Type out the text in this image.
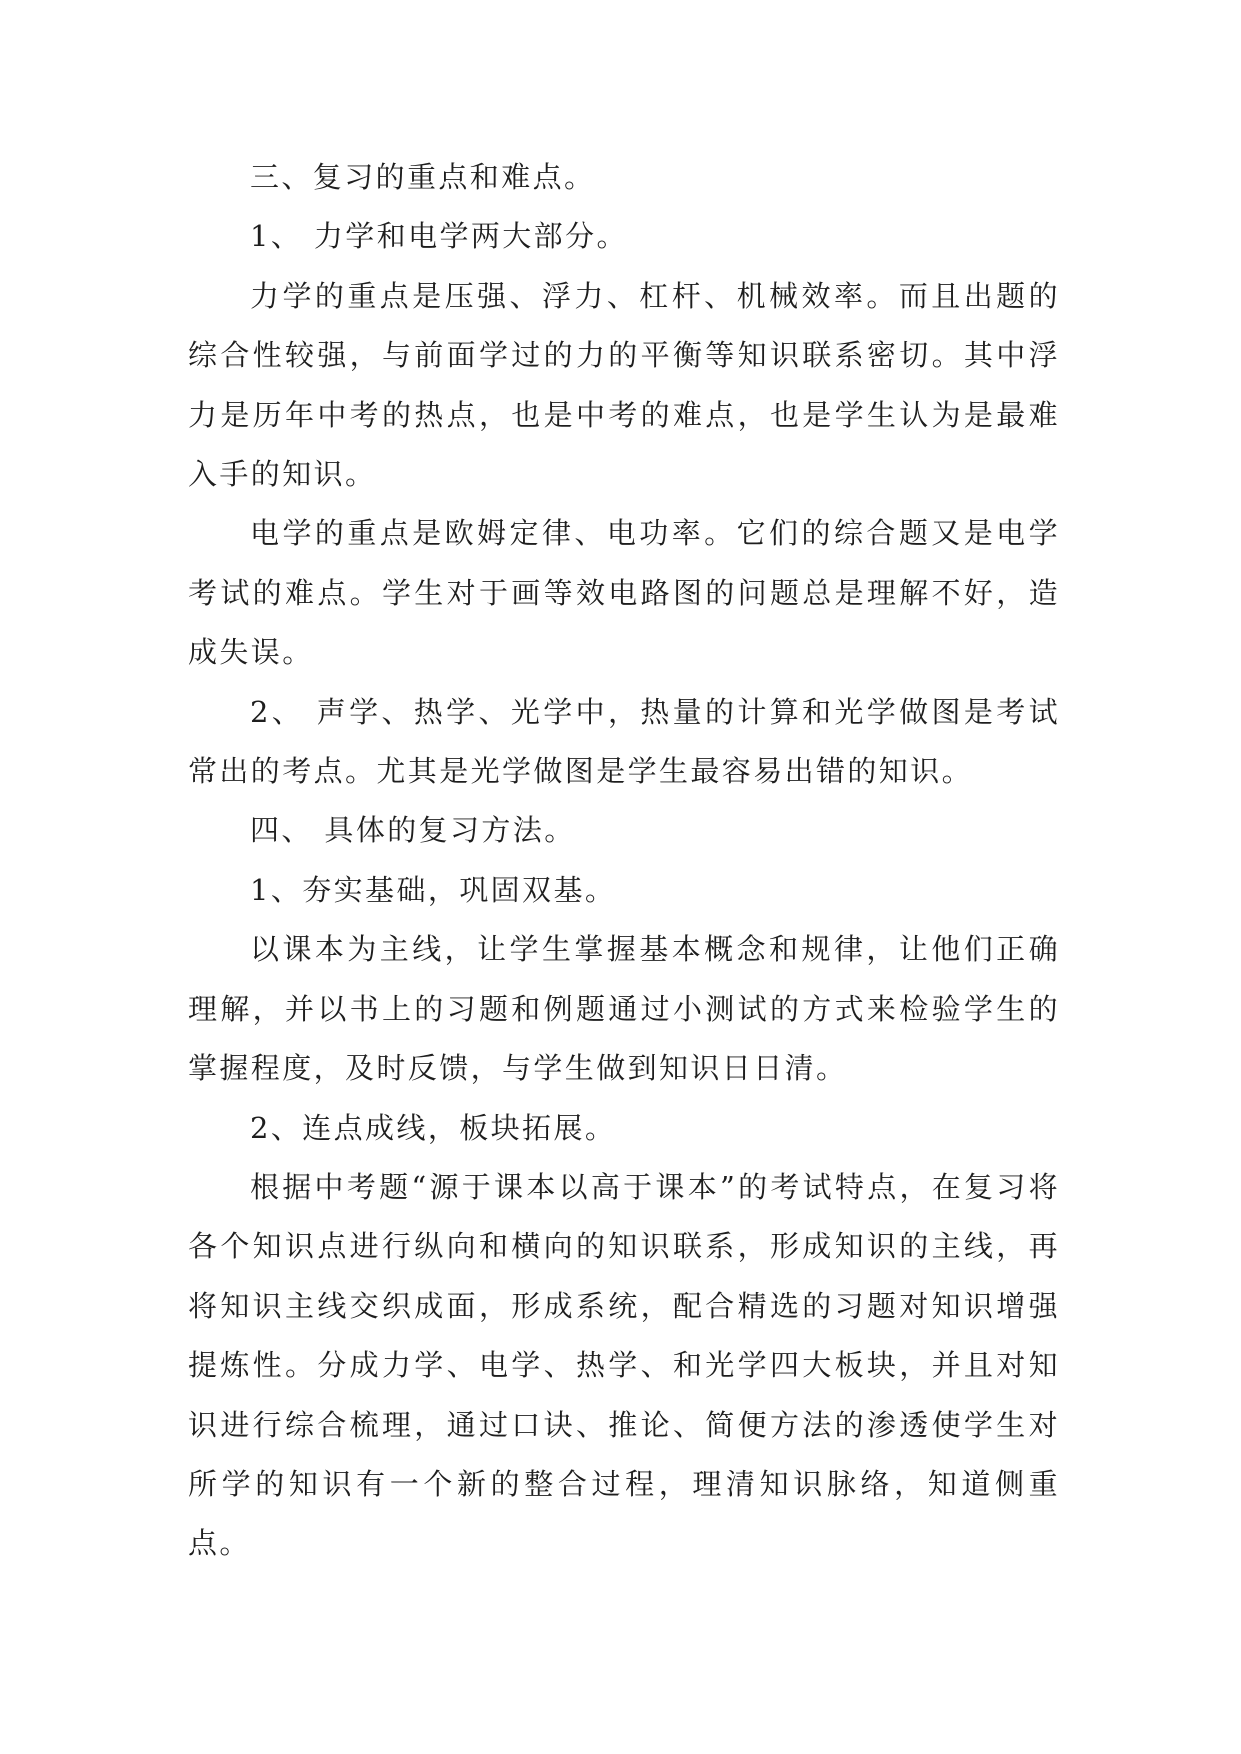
三、复习的重点和难点。

1、 力学和电学两大部分。

力学的重点是压强、浮力、杠杆、机械效率。而且出题的综合性较强，与前面学过的力的平衡等知识联系密切。其中浮力是历年中考的热点，也是中考的难点，也是学生认为是最难入手的知识。

电学的重点是欧姆定律、电功率。它们的综合题又是电学考试的难点。学生对于画等效电路图的问题总是理解不好，造成失误。

2、 声学、热学、光学中，热量的计算和光学做图是考试常出的考点。尤其是光学做图是学生最容易出错的知识。

四、 具体的复习方法。

1、夯实基础，巩固双基。

以课本为主线，让学生掌握基本概念和规律，让他们正确理解，并以书上的习题和例题通过小测试的方式来检验学生的掌握程度，及时反馈，与学生做到知识日日清。

2、连点成线，板块拓展。

根据中考题“源于课本以高于课本”的考试特点，在复习将各个知识点进行纵向和横向的知识联系，形成知识的主线，再将知识主线交织成面，形成系统，配合精选的习题对知识增强提炼性。分成力学、电学、热学、和光学四大板块，并且对知识进行综合梳理，通过口诀、推论、简便方法的渗透使学生对所学的知识有一个新的整合过程，理清知识脉络，知道侧重点。
